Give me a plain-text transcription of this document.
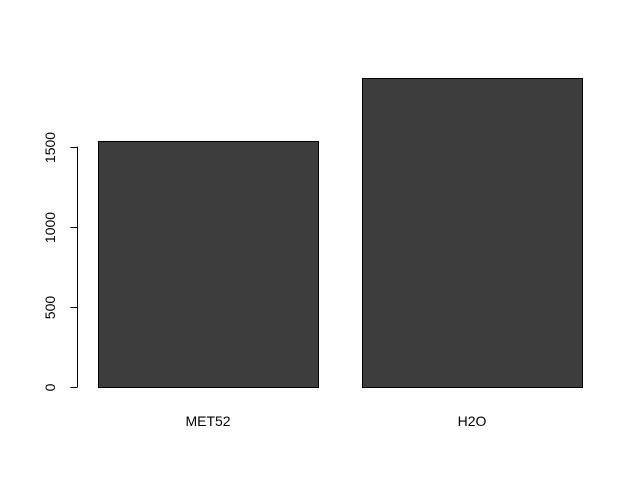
0
500
1000
1500
MET52	H2O
